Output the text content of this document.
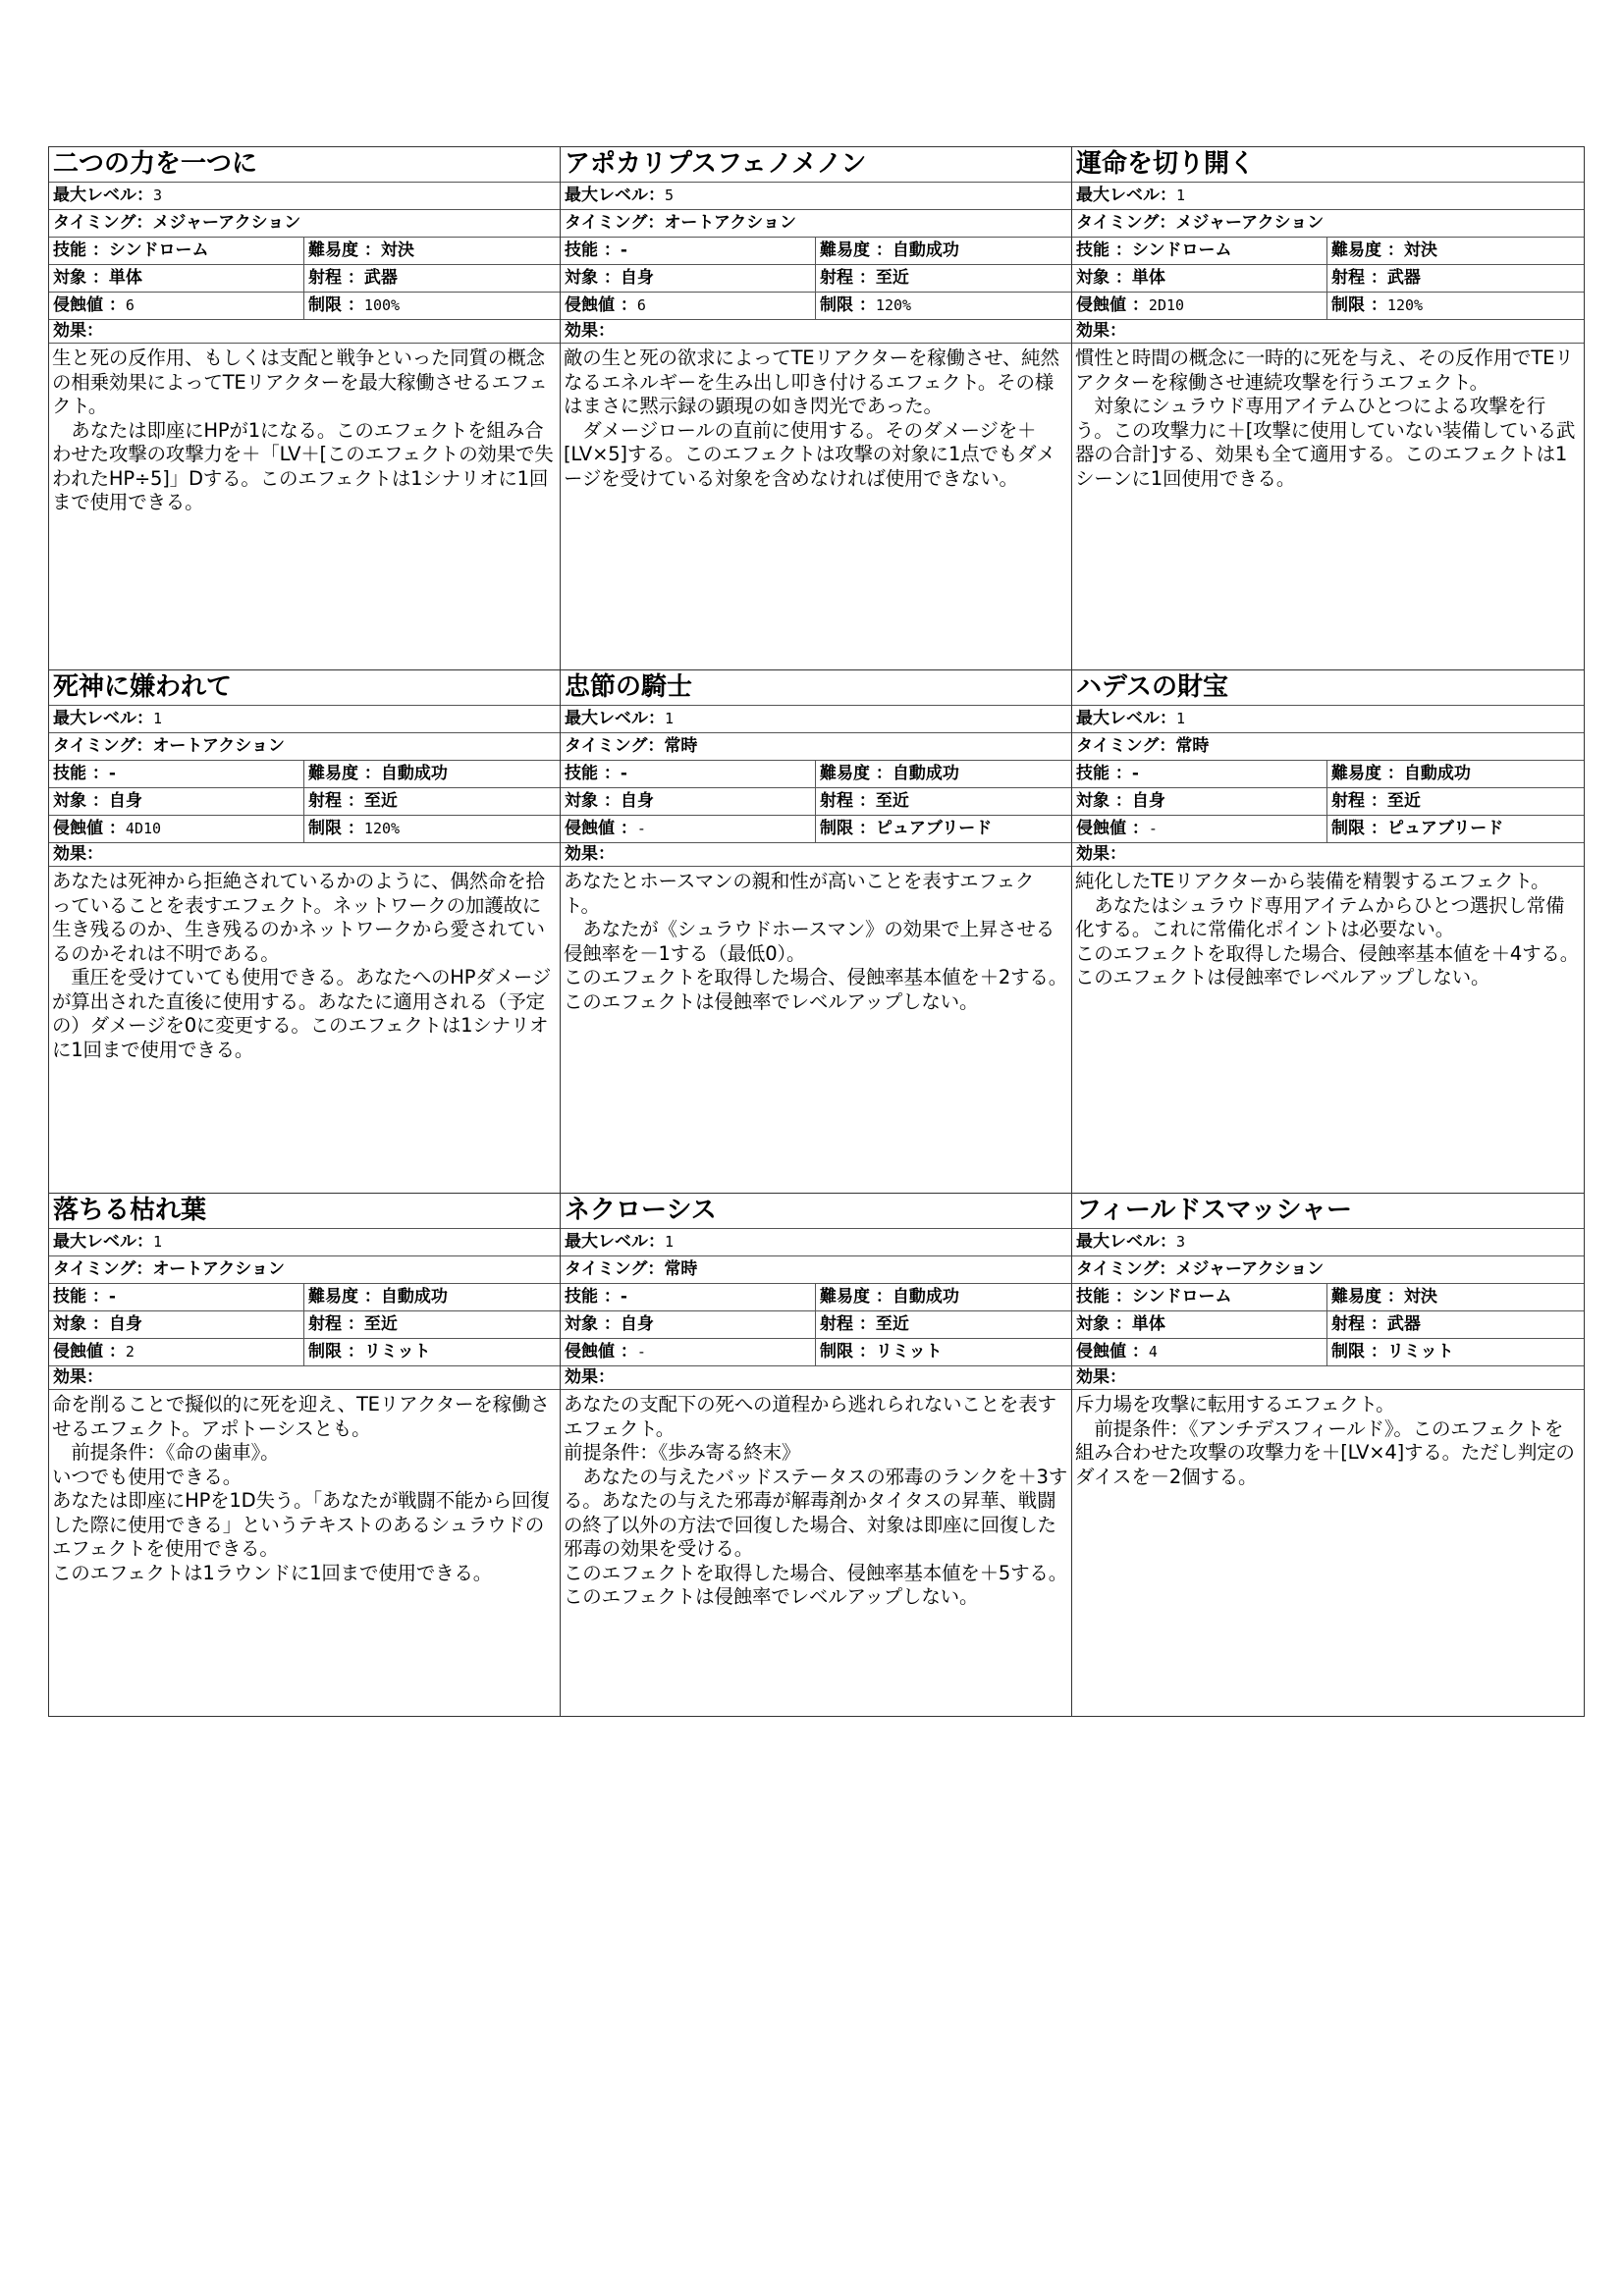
二つの力を一つに
最大レベル：3
タイミング：メジャーアクション
技能 ：シンドローム	難易度 ：対決
対象 ：単体	射程 ：武器
侵蝕値 ：6	制限 ：100%
効果：

生と死の反作用、もしくは支配と戦争といった同質の概念の相乗効果によってTEリアクターを最大稼働させるエフェクト。

　あなたは即座にHPが1になる。このエフェクトを組み合わせた攻撃の攻撃力を＋「LV＋[このエフェクトの効果で失われたHP÷5]」Dする。このエフェクトは1シナリオに1回まで使用できる。

アポカリプスフェノメノン
最大レベル：5
タイミング：オートアクション
技能 ：-	難易度 ：自動成功
対象 ：自身	射程 ：至近
侵蝕値 ：6	制限 ：120%
効果：

敵の生と死の欲求によってTEリアクターを稼働させ、純然なるエネルギーを生み出し叩き付けるエフェクト。その様はまさに黙示録の顕現の如き閃光であった。

　ダメージロールの直前に使用する。そのダメージを＋[LV×5]する。このエフェクトは攻撃の対象に1点でもダメージを受けている対象を含めなければ使用できない。

運命を切り開く
最大レベル：1
タイミング：メジャーアクション
技能 ：シンドローム	難易度 ：対決
対象 ：単体	射程 ：武器
侵蝕値 ：2D10	制限 ：120%
効果：

慣性と時間の概念に一時的に死を与え、その反作用でTEリアクターを稼働させ連続攻撃を行うエフェクト。

　対象にシュラウド専用アイテムひとつによる攻撃を行う。この攻撃力に＋[攻撃に使用していない装備している武器の合計]する、効果も全て適用する。このエフェクトは1シーンに1回使用できる。

死神に嫌われて
最大レベル：1
タイミング：オートアクション
技能 ：-	難易度 ：自動成功
対象 ：自身	射程 ：至近
侵蝕値 ：4D10	制限 ：120%
効果：

あなたは死神から拒絶されているかのように、偶然命を拾っていることを表すエフェクト。ネットワークの加護故に生き残るのか、生き残るのかネットワークから愛されているのかそれは不明である。

　重圧を受けていても使用できる。あなたへのHPダメージが算出された直後に使用する。あなたに適用される（予定の）ダメージを0に変更する。このエフェクトは1シナリオに1回まで使用できる。

忠節の騎士
最大レベル：1
タイミング：常時
技能 ：-	難易度 ：自動成功
対象 ：自身	射程 ：至近
侵蝕値 ：-	制限 ：ピュアブリード
効果：

あなたとホースマンの親和性が高いことを表すエフェクト。

　あなたが《シュラウドホースマン》の効果で上昇させる侵蝕率を－1する（最低0）。

このエフェクトを取得した場合、侵蝕率基本値を＋2する。

このエフェクトは侵蝕率でレベルアップしない。

ハデスの財宝
最大レベル：1
タイミング：常時
技能 ：-	難易度 ：自動成功
対象 ：自身	射程 ：至近
侵蝕値 ：-	制限 ：ピュアブリード
効果：

純化したTEリアクターから装備を精製するエフェクト。

　あなたはシュラウド専用アイテムからひとつ選択し常備化する。これに常備化ポイントは必要ない。

このエフェクトを取得した場合、侵蝕率基本値を＋4する。

このエフェクトは侵蝕率でレベルアップしない。

落ちる枯れ葉
最大レベル：1
タイミング：オートアクション
技能 ：-	難易度 ：自動成功
対象 ：自身	射程 ：至近
侵蝕値 ：2	制限 ：リミット
効果：

命を削ることで擬似的に死を迎え、TEリアクターを稼働させるエフェクト。アポトーシスとも。

　前提条件：《命の歯車》。

いつでも使用できる。

あなたは即座にHPを1D失う。「あなたが戦闘不能から回復した際に使用できる」というテキストのあるシュラウドのエフェクトを使用できる。

このエフェクトは1ラウンドに1回まで使用できる。

ネクローシス
最大レベル：1
タイミング：常時
技能 ：-	難易度 ：自動成功
対象 ：自身	射程 ：至近
侵蝕値 ：-	制限 ：リミット
効果：

あなたの支配下の死への道程から逃れられないことを表すエフェクト。

前提条件：《歩み寄る終末》

　あなたの与えたバッドステータスの邪毒のランクを＋3する。あなたの与えた邪毒が解毒剤かタイタスの昇華、戦闘の終了以外の方法で回復した場合、対象は即座に回復した邪毒の効果を受ける。

このエフェクトを取得した場合、侵蝕率基本値を＋5する。

このエフェクトは侵蝕率でレベルアップしない。

フィールドスマッシャー
最大レベル：3
タイミング：メジャーアクション
技能 ：シンドローム	難易度 ：対決
対象 ：単体	射程 ：武器
侵蝕値 ：4	制限 ：リミット
効果：

斥力場を攻撃に転用するエフェクト。

　前提条件：《アンチデスフィールド》。このエフェクトを組み合わせた攻撃の攻撃力を＋[LV×4]する。ただし判定のダイスを－2個する。
